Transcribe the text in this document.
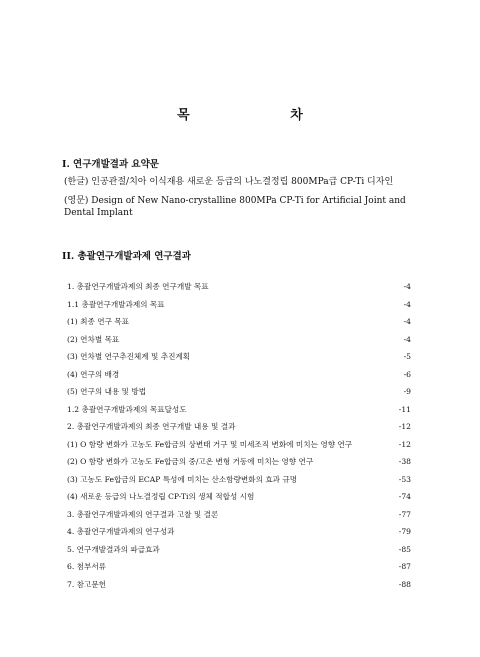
목 차
I. 연구개발결과 요약문
(한글) 인공관절/치아 이식재용 새로운 등급의 나노결정립 800MPa급 CP-Ti 디자인
(영문) Design of New Nano-crystalline 800MPa CP-Ti for Artificial Joint and Dental Implant
II. 총괄연구개발과제 연구결과
1. 총괄연구개발과제의 최종 연구개발 목표	-4
1.1 총괄연구개발과제의 목표	-4
(1) 최종 연구 목표	-4
(2) 연차별 목표	-4
(3) 연차별 연구추진체계 및 추진계획	-5
(4) 연구의 배경	-6
(5) 연구의 내용 및 방법	-9
1.2 총괄연구개발과제의 목표달성도	-11
2. 총괄연구개발과제의 최종 연구개발 내용 및 결과	-12
(1) O 함량 변화가 고농도 Fe합금의 상변태 거구 및 미세조직 변화에 미치는 영향 연구	-12
(2) O 함량 변화가 고농도 Fe합금의 중/고온 변형 거동에 미치는 영향 연구	-38
(3) 고농도 Fe합금의 ECAP 특성에 미치는 산소함량변화의 효과 규명	-53
(4) 새로운 등급의 나노결정립 CP-Ti의 생체 적합성 시험	-74
3. 총괄연구개발과제의 연구결과 고찰 및 결론	-77
4. 총괄연구개발과제의 연구성과	-79
5. 연구개발결과의 파급효과	-85
6. 첨부서류	-87
7. 참고문헌	-88
